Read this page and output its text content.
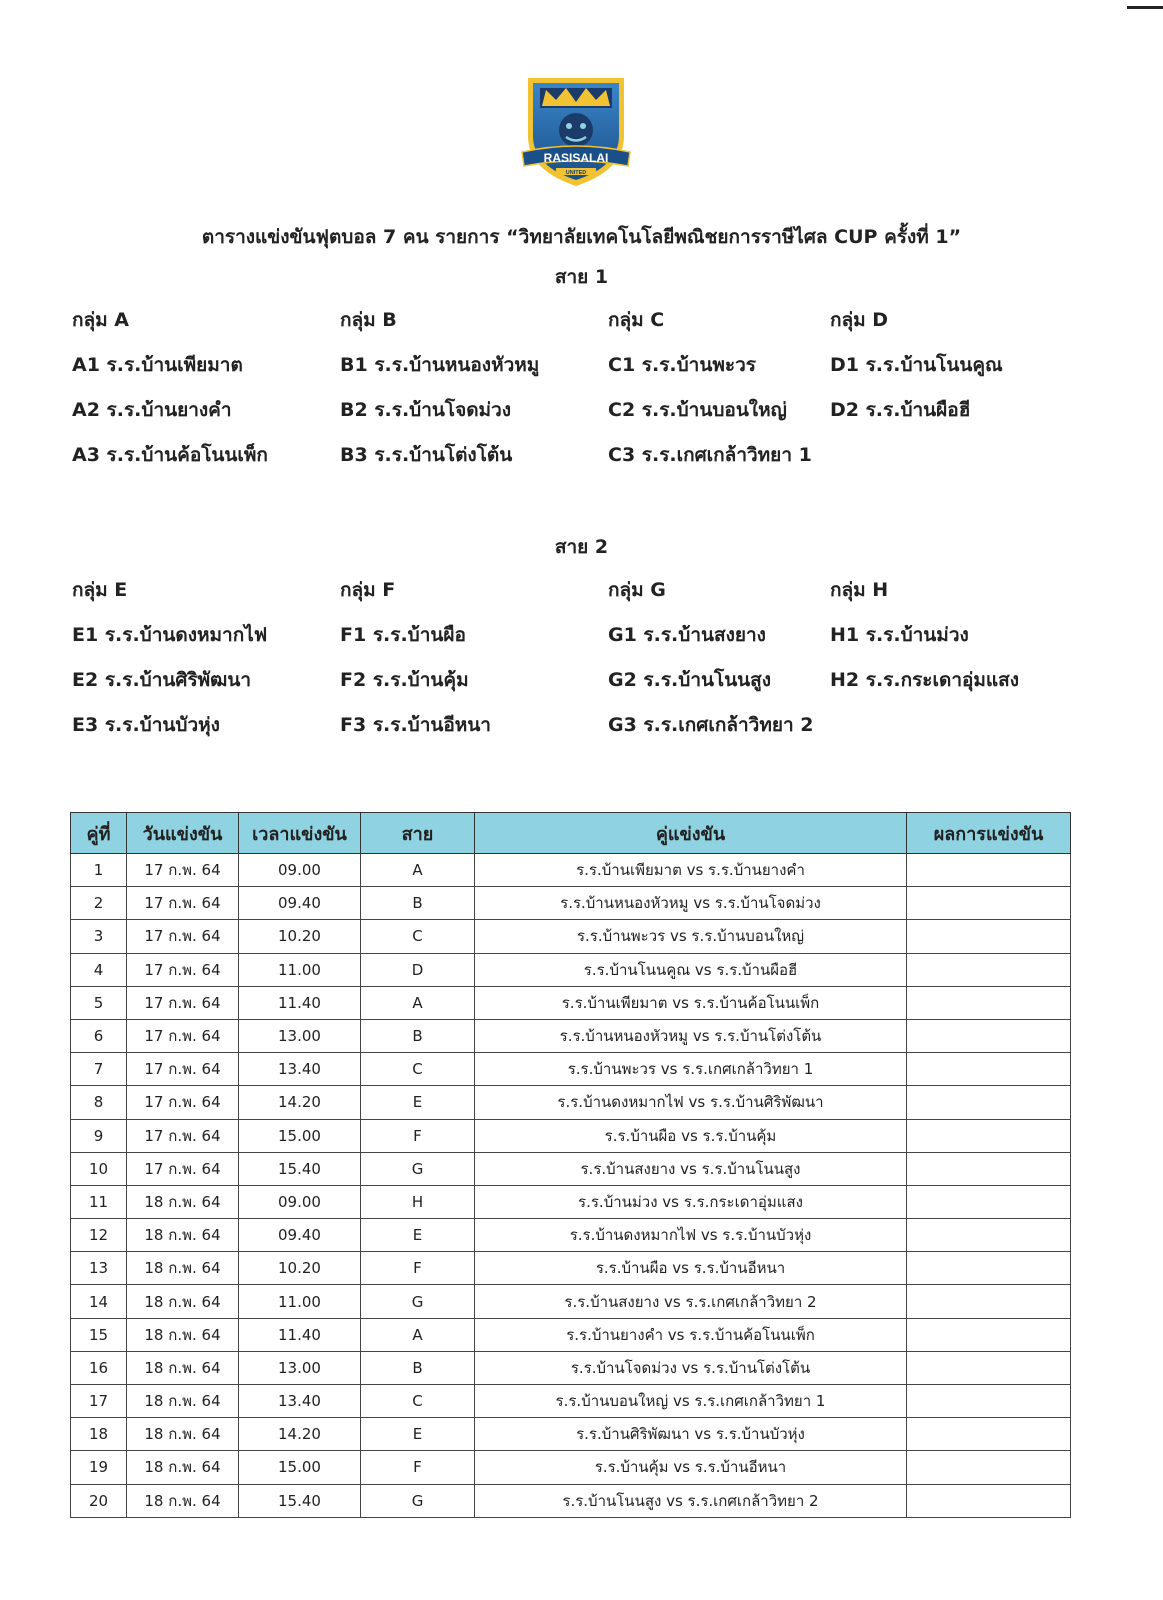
RASISALAI
UNITED
ตารางแข่งขันฟุตบอล 7 คน รายการ “วิทยาลัยเทคโนโลยีพณิชยการราษีไศล CUP ครั้งที่ 1”
สาย 1
กลุ่ม A
A1 ร.ร.บ้านเพียมาต
A2 ร.ร.บ้านยางคำ
A3 ร.ร.บ้านค้อโนนเพ็ก
กลุ่ม B
B1 ร.ร.บ้านหนองหัวหมู
B2 ร.ร.บ้านโจดม่วง
B3 ร.ร.บ้านโต่งโต้น
กลุ่ม C
C1 ร.ร.บ้านพะวร
C2 ร.ร.บ้านบอนใหญ่
C3 ร.ร.เกศเกล้าวิทยา 1
กลุ่ม D
D1 ร.ร.บ้านโนนคูณ
D2 ร.ร.บ้านผือฮี
สาย 2
กลุ่ม E
E1 ร.ร.บ้านดงหมากไฟ
E2 ร.ร.บ้านศิริพัฒนา
E3 ร.ร.บ้านบัวหุ่ง
กลุ่ม F
F1 ร.ร.บ้านผือ
F2 ร.ร.บ้านคุ้ม
F3 ร.ร.บ้านอีหนา
กลุ่ม G
G1 ร.ร.บ้านสงยาง
G2 ร.ร.บ้านโนนสูง
G3 ร.ร.เกศเกล้าวิทยา 2
กลุ่ม H
H1 ร.ร.บ้านม่วง
H2 ร.ร.กระเดาอุ่มแสง
คู่ที่	วันแข่งขัน	เวลาแข่งขัน	สาย	คู่แข่งขัน	ผลการแข่งขัน
1	17 ก.พ. 64	09.00	A	ร.ร.บ้านเพียมาต vs ร.ร.บ้านยางคำ	
2	17 ก.พ. 64	09.40	B	ร.ร.บ้านหนองหัวหมู vs ร.ร.บ้านโจดม่วง	
3	17 ก.พ. 64	10.20	C	ร.ร.บ้านพะวร vs ร.ร.บ้านบอนใหญ่	
4	17 ก.พ. 64	11.00	D	ร.ร.บ้านโนนคูณ vs ร.ร.บ้านผือฮี	
5	17 ก.พ. 64	11.40	A	ร.ร.บ้านเพียมาต vs ร.ร.บ้านค้อโนนเพ็ก	
6	17 ก.พ. 64	13.00	B	ร.ร.บ้านหนองหัวหมู vs ร.ร.บ้านโต่งโต้น	
7	17 ก.พ. 64	13.40	C	ร.ร.บ้านพะวร vs ร.ร.เกศเกล้าวิทยา 1	
8	17 ก.พ. 64	14.20	E	ร.ร.บ้านดงหมากไฟ vs ร.ร.บ้านศิริพัฒนา	
9	17 ก.พ. 64	15.00	F	ร.ร.บ้านผือ vs ร.ร.บ้านคุ้ม	
10	17 ก.พ. 64	15.40	G	ร.ร.บ้านสงยาง vs ร.ร.บ้านโนนสูง	
11	18 ก.พ. 64	09.00	H	ร.ร.บ้านม่วง vs ร.ร.กระเดาอุ่มแสง	
12	18 ก.พ. 64	09.40	E	ร.ร.บ้านดงหมากไฟ vs ร.ร.บ้านบัวหุ่ง	
13	18 ก.พ. 64	10.20	F	ร.ร.บ้านผือ vs ร.ร.บ้านอีหนา	
14	18 ก.พ. 64	11.00	G	ร.ร.บ้านสงยาง vs ร.ร.เกศเกล้าวิทยา 2	
15	18 ก.พ. 64	11.40	A	ร.ร.บ้านยางคำ vs ร.ร.บ้านค้อโนนเพ็ก	
16	18 ก.พ. 64	13.00	B	ร.ร.บ้านโจดม่วง vs ร.ร.บ้านโต่งโต้น	
17	18 ก.พ. 64	13.40	C	ร.ร.บ้านบอนใหญ่ vs ร.ร.เกศเกล้าวิทยา 1	
18	18 ก.พ. 64	14.20	E	ร.ร.บ้านศิริพัฒนา vs ร.ร.บ้านบัวหุ่ง	
19	18 ก.พ. 64	15.00	F	ร.ร.บ้านคุ้ม vs ร.ร.บ้านอีหนา	
20	18 ก.พ. 64	15.40	G	ร.ร.บ้านโนนสูง vs ร.ร.เกศเกล้าวิทยา 2	
